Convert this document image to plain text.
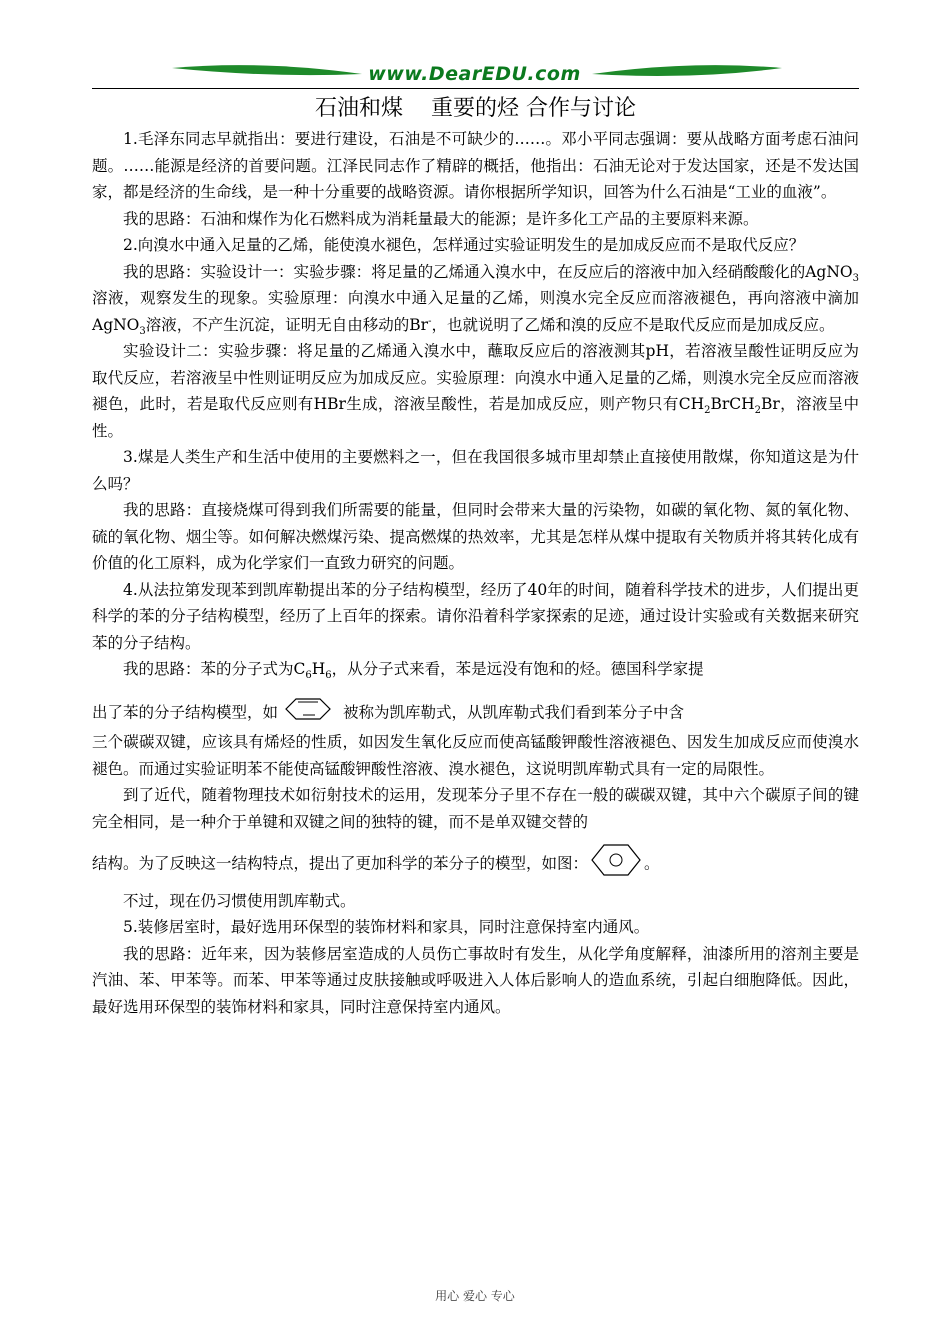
www.DearEDU.com
石油和煤 重要的烃 合作与讨论

1.毛泽东同志早就指出：要进行建设，石油是不可缺少的……。邓小平同志强调：要从战略方面考虑石油问题。……能源是经济的首要问题。江泽民同志作了精辟的概括，他指出：石油无论对于发达国家，还是不发达国家，都是经济的生命线，是一种十分重要的战略资源。请你根据所学知识，回答为什么石油是“工业的血液”。

我的思路：石油和煤作为化石燃料成为消耗量最大的能源；是许多化工产品的主要原料来源。

2.向溴水中通入足量的乙烯，能使溴水褪色，怎样通过实验证明发生的是加成反应而不是取代反应？

我的思路：实验设计一：实验步骤：将足量的乙烯通入溴水中，在反应后的溶液中加入经硝酸酸化的AgNO$_3$溶液，观察发生的现象。实验原理：向溴水中通入足量的乙烯，则溴水完全反应而溶液褪色，再向溶液中滴加AgNO$_3$溶液，不产生沉淀，证明无自由移动的Br-，也就说明了乙烯和溴的反应不是取代反应而是加成反应。

实验设计二：实验步骤：将足量的乙烯通入溴水中，蘸取反应后的溶液测其pH，若溶液呈酸性证明反应为取代反应，若溶液呈中性则证明反应为加成反应。实验原理：向溴水中通入足量的乙烯，则溴水完全反应而溶液褪色，此时，若是取代反应则有HBr生成，溶液呈酸性，若是加成反应，则产物只有$CH_2BrCH_2Br$，溶液呈中性。

3.煤是人类生产和生活中使用的主要燃料之一，但在我国很多城市里却禁止直接使用散煤，你知道这是为什么吗？

我的思路：直接烧煤可得到我们所需要的能量，但同时会带来大量的污染物，如碳的氧化物、氮的氧化物、硫的氧化物、烟尘等。如何解决燃煤污染、提高燃煤的热效率，尤其是怎样从煤中提取有关物质并将其转化成有价值的化工原料，成为化学家们一直致力研究的问题。

4.从法拉第发现苯到凯库勒提出苯的分子结构模型，经历了40年的时间，随着科学技术的进步，人们提出更科学的苯的分子结构模型，经历了上百年的探索。请你沿着科学家探索的足迹，通过设计实验或有关数据来研究苯的分子结构。

我的思路：苯的分子式为$C_6H_6$，从分子式来看，苯是远没有饱和的烃。德国科学家提

出了苯的分子结构模型，如	被称为凯库勒式，从凯库勒式我们看到苯分子中含

三个碳碳双键，应该具有烯烃的性质，如因发生氧化反应而使高锰酸钾酸性溶液褪色、因发生加成反应而使溴水褪色。而通过实验证明苯不能使高锰酸钾酸性溶液、溴水褪色，这说明凯库勒式具有一定的局限性。

到了近代，随着物理技术如衍射技术的运用，发现苯分子里不存在一般的碳碳双键，其中六个碳原子间的键完全相同，是一种介于单键和双键之间的独特的键，而不是单双键交替的

结构。为了反映这一结构特点，提出了更加科学的苯分子的模型，如图：	。

不过，现在仍习惯使用凯库勒式。

5.装修居室时，最好选用环保型的装饰材料和家具，同时注意保持室内通风。

我的思路：近年来，因为装修居室造成的人员伤亡事故时有发生，从化学角度解释，油漆所用的溶剂主要是汽油、苯、甲苯等。而苯、甲苯等通过皮肤接触或呼吸进入人体后影响人的造血系统，引起白细胞降低。因此，最好选用环保型的装饰材料和家具，同时注意保持室内通风。

用心 爱心 专心
